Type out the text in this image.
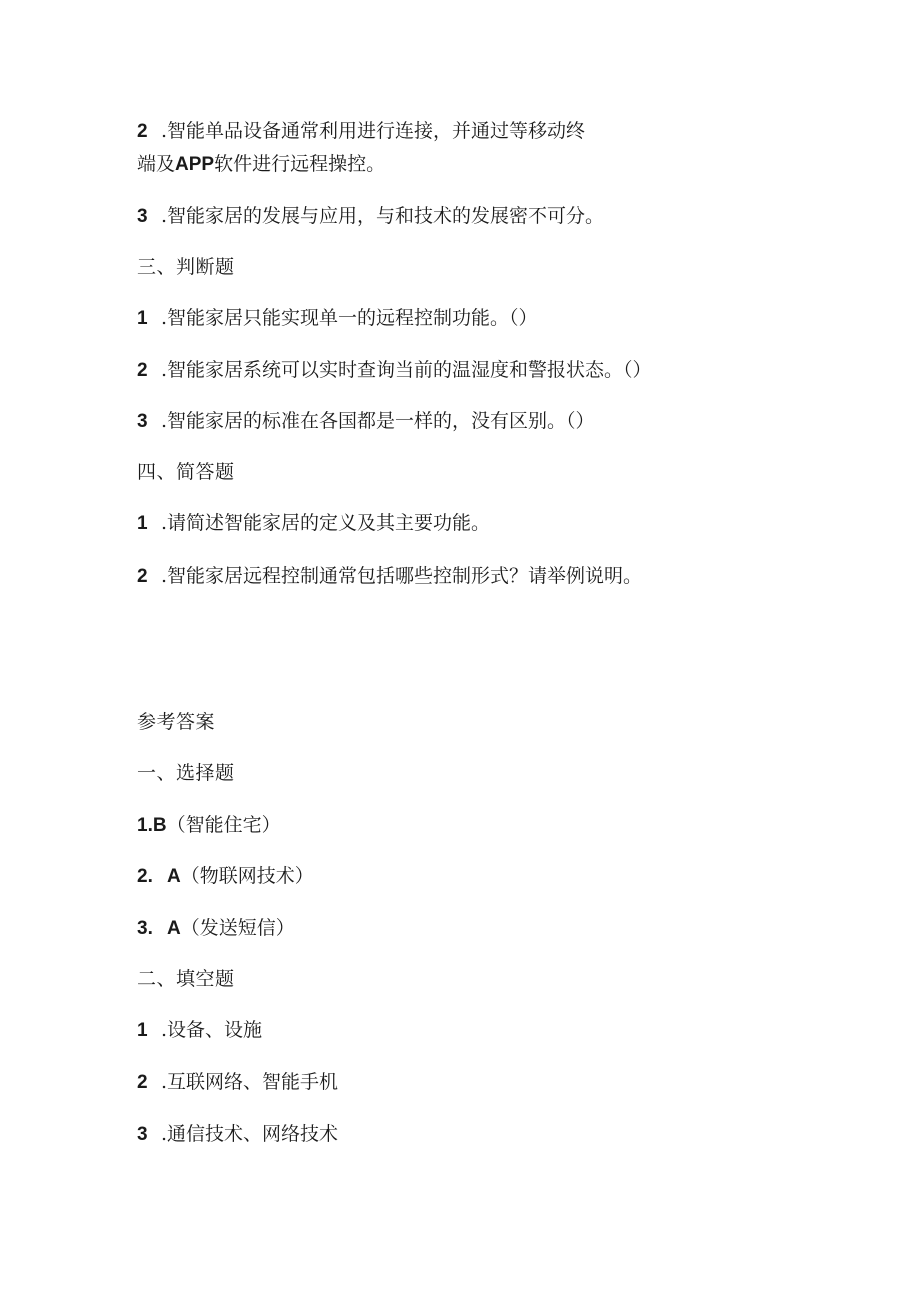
2 .智能单品设备通常利用进行连接，并通过等移动终
端及APP软件进行远程操控。
3 .智能家居的发展与应用，与和技术的发展密不可分。
三、判断题
1 .智能家居只能实现单一的远程控制功能。（）
2 .智能家居系统可以实时查询当前的温湿度和警报状态。（）
3 .智能家居的标准在各国都是一样的，没有区别。（）
四、简答题
1 .请简述智能家居的定义及其主要功能。
2 .智能家居远程控制通常包括哪些控制形式？请举例说明。
参考答案
一、选择题
1.B（智能住宅）
2. A（物联网技术）
3. A（发送短信）
二、填空题
1 .设备、设施
2 .互联网络、智能手机
3 .通信技术、网络技术
